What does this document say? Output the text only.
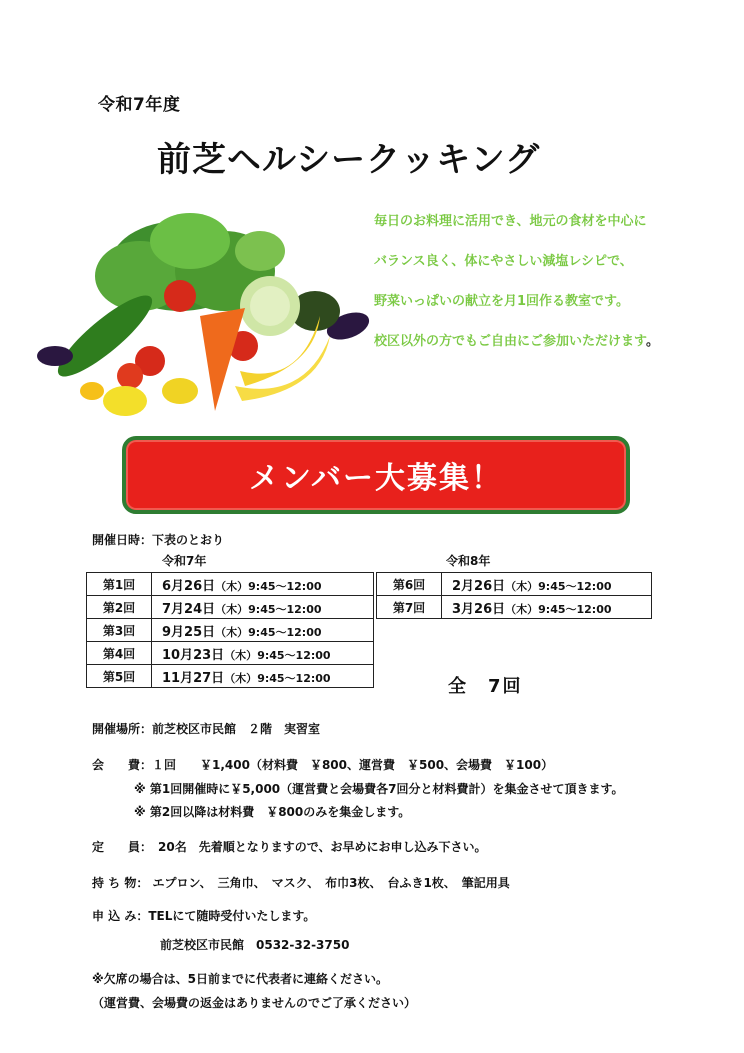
令和7年度
前芝ヘルシークッキング
毎日のお料理に活用でき、地元の食材を中心に
バランス良く、体にやさしい減塩レシピで、
野菜いっぱいの献立を月1回作る教室です。
校区以外の方でもご自由にご参加いただけます。
メンバー大募集！
開催日時：下表のとおり
令和7年	令和8年
第1回	6月26日（木）9:45～12:00
第2回	7月24日（木）9:45～12:00
第3回	9月25日（木）9:45～12:00
第4回	10月23日（木）9:45～12:00
第5回	11月27日（木）9:45～12:00
第6回	2月26日（木）9:45～12:00
第7回	3月26日（木）9:45～12:00
全　7回
開催場所：前芝校区市民館　２階　実習室
会　　費：１回　　￥1,400（材料費　￥800、運営費　￥500、会場費　￥100）
※ 第1回開催時に￥5,000（運営費と会場費各7回分と材料費計）を集金させて頂きます。
※ 第2回以降は材料費　￥800のみを集金します。
定　　員：　20名　先着順となりますので、お早めにお申し込み下さい。
持 ち 物： エプロン、　三角巾、　マスク、　布巾3枚、　台ふき1枚、　筆記用具
申 込 み：TELにて随時受付いたします。
前芝校区市民館　0532-32-3750
※欠席の場合は、5日前までに代表者に連絡ください。
（運営費、会場費の返金はありませんのでご了承ください）
